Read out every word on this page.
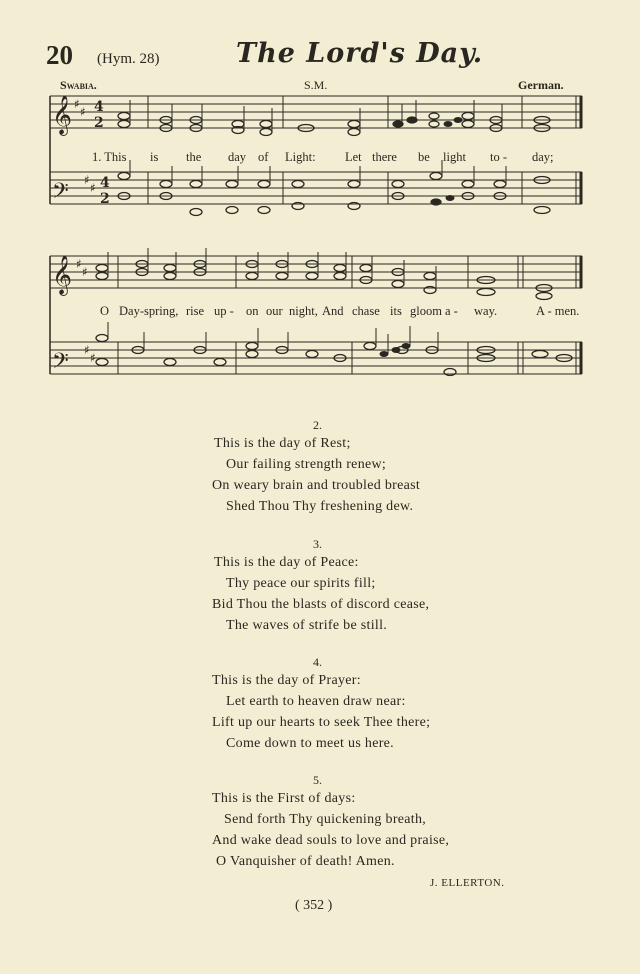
20 (Hym. 28)	The Lord's Day.
Swabia.	S.M.	German.
𝄞
𝄢
𝄞
𝄢
♯
♯
♯
♯
♯
♯
♯
♯
4
2
4
2
1. This is the day of Light: Let there be light to - day;
O Day-spring, rise up - on our night, And chase its gloom a - way.	A - men.
2.
This is the day of Rest;
Our failing strength renew;
On weary brain and troubled breast
Shed Thou Thy freshening dew.
3.
This is the day of Peace:
Thy peace our spirits fill;
Bid Thou the blasts of discord cease,
The waves of strife be still.
4.
This is the day of Prayer:
Let earth to heaven draw near:
Lift up our hearts to seek Thee there;
Come down to meet us here.
5.
This is the First of days:
Send forth Thy quickening breath,
And wake dead souls to love and praise,
O Vanquisher of death! Amen.
J. ELLERTON.
( 352 )
